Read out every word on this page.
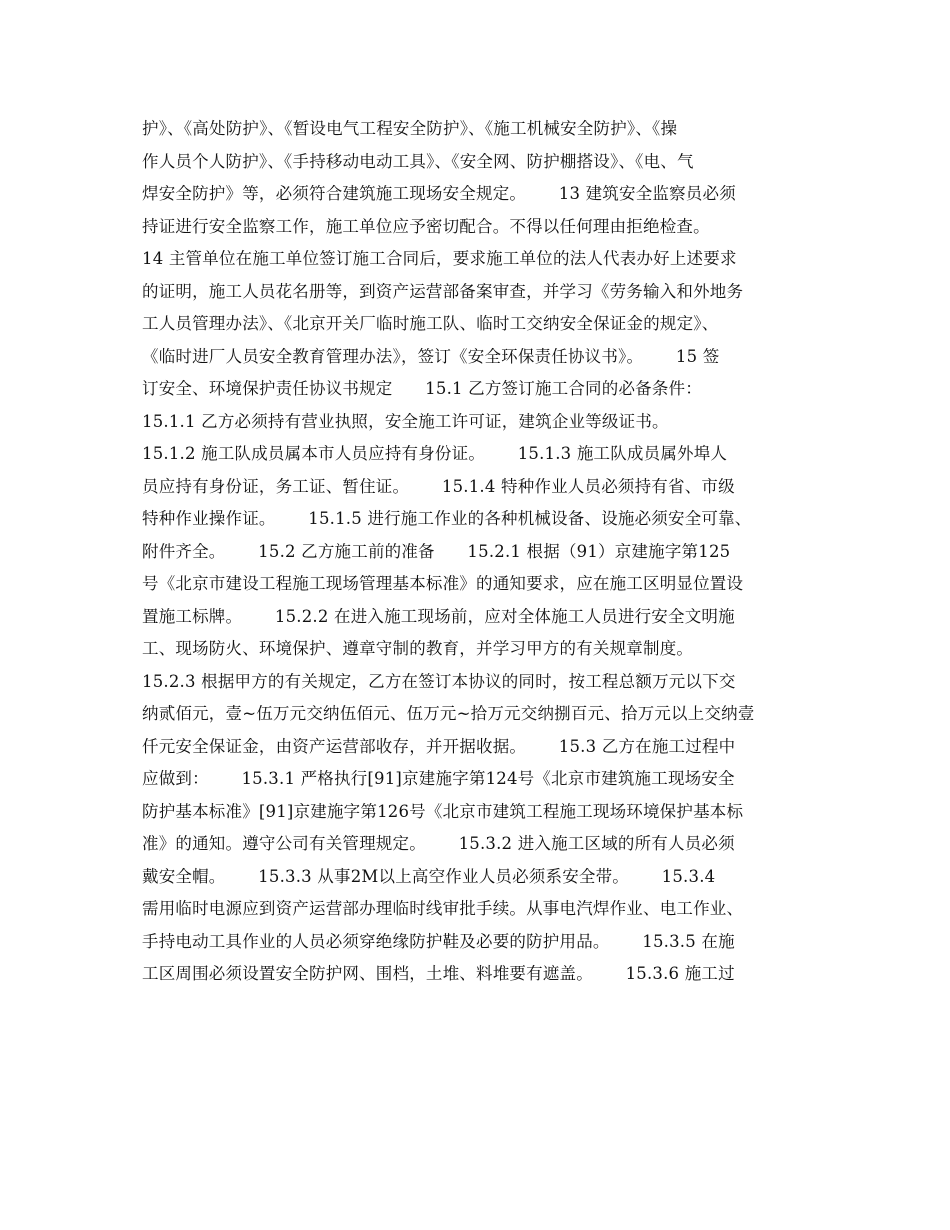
护》、《高处防护》、《暂设电气工程安全防护》、《施工机械安全防护》、《操
作人员个人防护》、《手持移动电动工具》、《安全网、防护棚搭设》、《电、气
焊安全防护》等，必须符合建筑施工现场安全规定。      13 建筑安全监察员必须
持证进行安全监察工作，施工单位应予密切配合。不得以任何理由拒绝检查。
14 主管单位在施工单位签订施工合同后，要求施工单位的法人代表办好上述要求
的证明，施工人员花名册等，到资产运营部备案审查，并学习《劳务输入和外地务
工人员管理办法》、《北京开关厂临时施工队、临时工交纳安全保证金的规定》、
《临时进厂人员安全教育管理办法》，签订《安全环保责任协议书》。      15 签
订安全、环境保护责任协议书规定      15.1 乙方签订施工合同的必备条件：
15.1.1 乙方必须持有营业执照，安全施工许可证，建筑企业等级证书。
15.1.2 施工队成员属本市人员应持有身份证。      15.1.3 施工队成员属外埠人
员应持有身份证，务工证、暂住证。      15.1.4 特种作业人员必须持有省、市级
特种作业操作证。      15.1.5 进行施工作业的各种机械设备、设施必须安全可靠、
附件齐全。      15.2 乙方施工前的准备      15.2.1 根据（91）京建施字第125
号《北京市建设工程施工现场管理基本标准》的通知要求，应在施工区明显位置设
置施工标牌。      15.2.2 在进入施工现场前，应对全体施工人员进行安全文明施
工、现场防火、环境保护、遵章守制的教育，并学习甲方的有关规章制度。
15.2.3 根据甲方的有关规定，乙方在签订本协议的同时，按工程总额万元以下交
纳贰佰元，壹~伍万元交纳伍佰元、伍万元~拾万元交纳捌百元、拾万元以上交纳壹
仟元安全保证金，由资产运营部收存，并开据收据。      15.3 乙方在施工过程中
应做到：      15.3.1 严格执行[91]京建施字第124号《北京市建筑施工现场安全
防护基本标准》[91]京建施字第126号《北京市建筑工程施工现场环境保护基本标
准》的通知。遵守公司有关管理规定。      15.3.2 进入施工区域的所有人员必须
戴安全帽。      15.3.3 从事2M以上高空作业人员必须系安全带。      15.3.4
需用临时电源应到资产运营部办理临时线审批手续。从事电汽焊作业、电工作业、
手持电动工具作业的人员必须穿绝缘防护鞋及必要的防护用品。      15.3.5 在施
工区周围必须设置安全防护网、围档，土堆、料堆要有遮盖。      15.3.6 施工过
